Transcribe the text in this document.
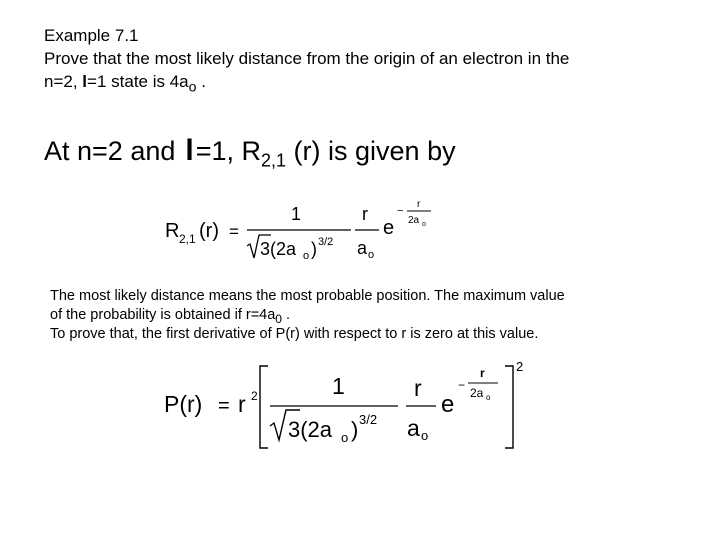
Example 7.1
Prove that the most likely distance from the origin of an electron in the
n=2, l=1 state is $4a_o$ .
At n=2 and l=1, $R_{2,1}$ (r) is given by
R 2,1 (r) =
1
3(2a o ) 3/2
r
a o
e
−
r
2a o
The most likely distance means the most probable position. The maximum value
of the probability is obtained if $r=4a_0$ .
To prove that, the first derivative of P(r) with respect to r is zero at this value.
P(r) = r 2	1
3(2a o ) 3/2
r
a o
e
−
r
2a o
2
